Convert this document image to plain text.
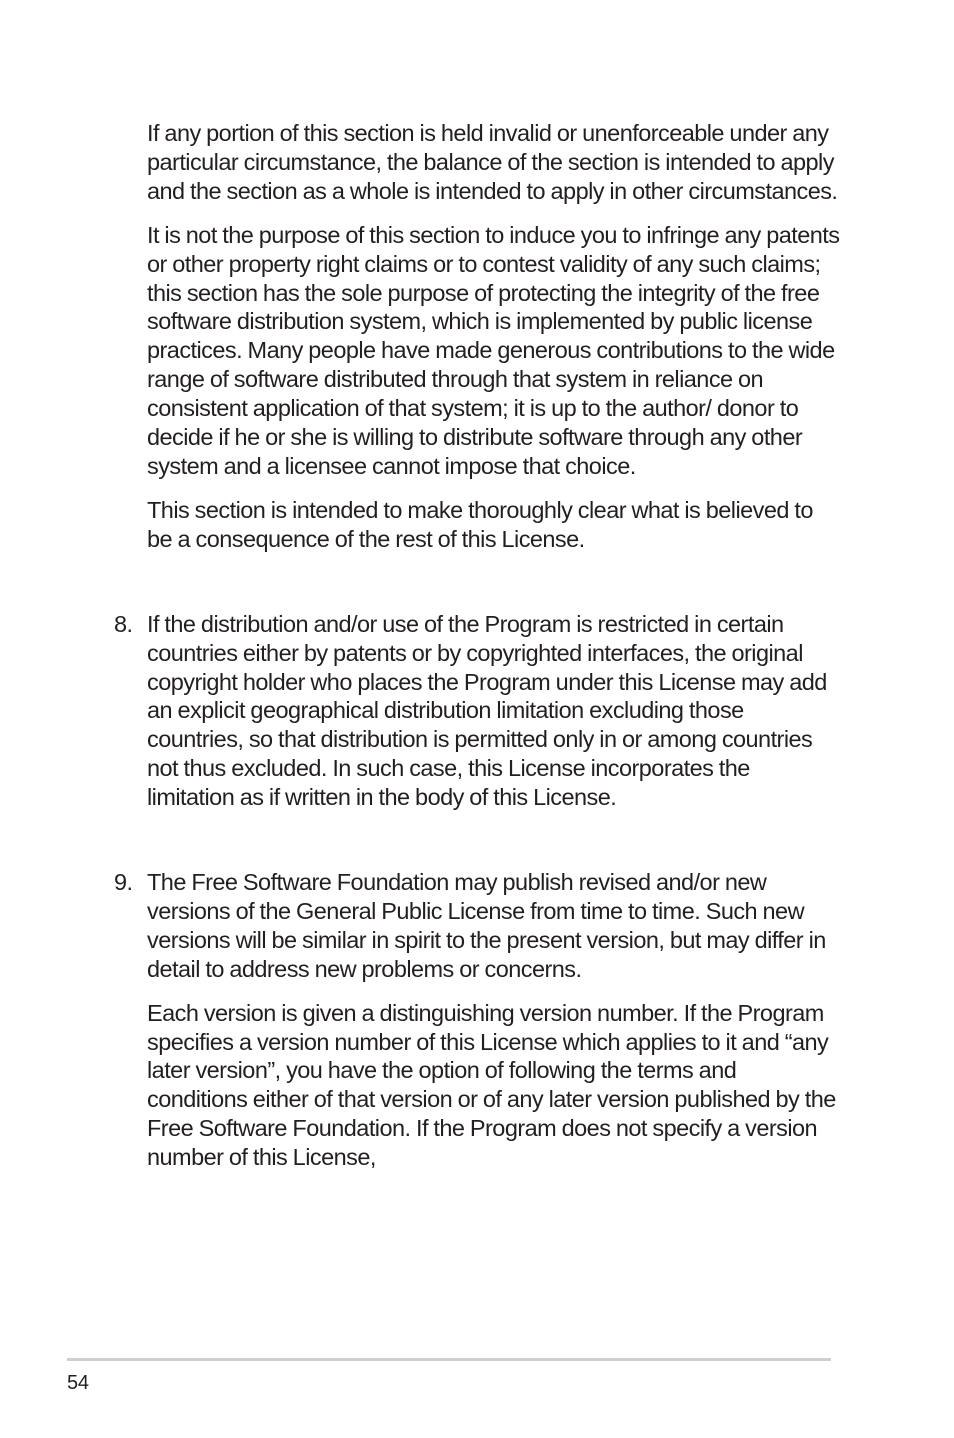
If any portion of this section is held invalid or unenforceable under any particular circumstance, the balance of the section is intended to apply and the section as a whole is intended to apply in other circumstances.

It is not the purpose of this section to induce you to infringe any patents or other property right claims or to contest validity of any such claims; this section has the sole purpose of protecting the integrity of the free software distribution system, which is implemented by public license practices. Many people have made generous contributions to the wide range of software distributed through that system in reliance on consistent application of that system; it is up to the author/ donor to decide if he or she is willing to distribute software through any other system and a licensee cannot impose that choice.

This section is intended to make thoroughly clear what is believed to be a consequence of the rest of this License.

8. If the distribution and/or use of the Program is restricted in certain countries either by patents or by copyrighted interfaces, the original copyright holder who places the Program under this License may add an explicit geographical distribution limitation excluding those countries, so that distribution is permitted only in or among countries not thus excluded. In such case, this License incorporates the limitation as if written in the body of this License.

9. The Free Software Foundation may publish revised and/or new versions of the General Public License from time to time. Such new versions will be similar in spirit to the present version, but may differ in detail to address new problems or concerns.

Each version is given a distinguishing version number. If the Program specifies a version number of this License which applies to it and “any later version”, you have the option of following the terms and conditions either of that version or of any later version published by the Free Software Foundation. If the Program does not specify a version number of this License,

54
